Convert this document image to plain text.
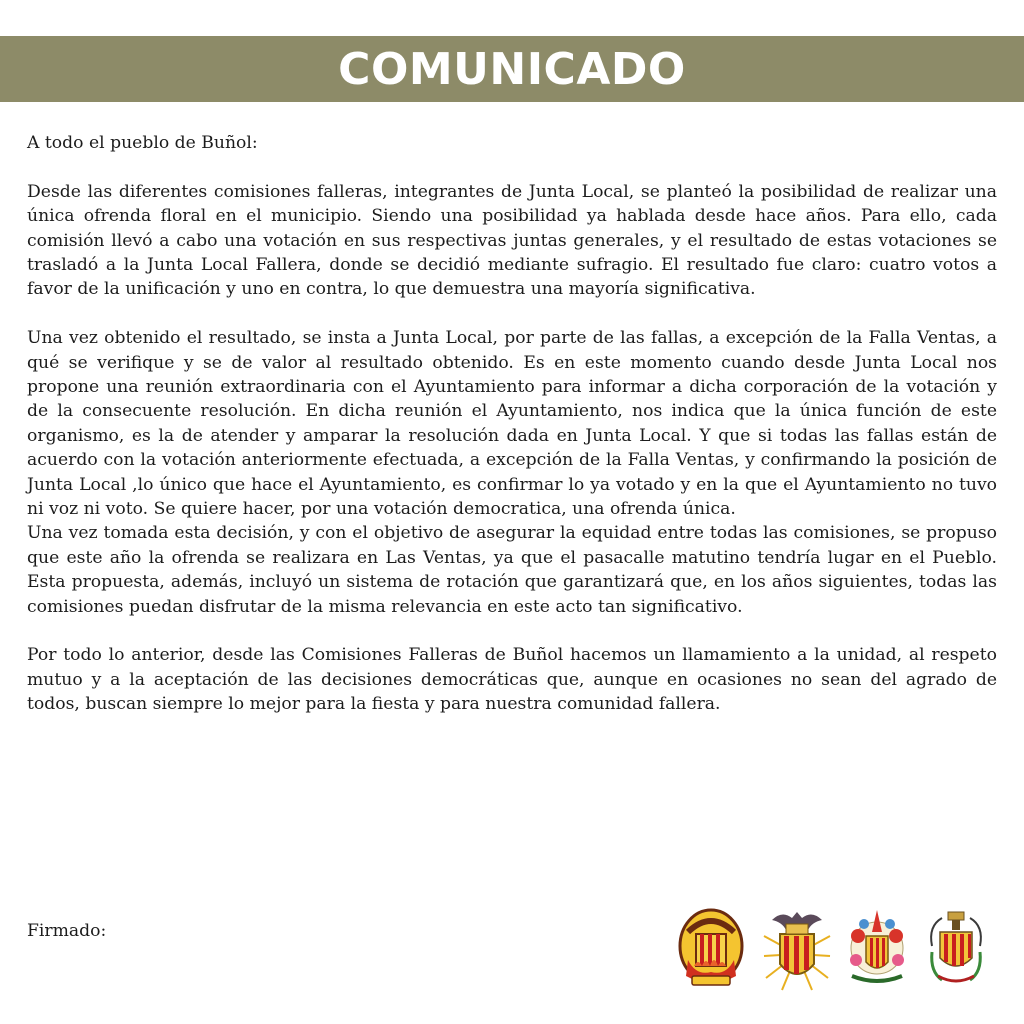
COMUNICADO

A todo el pueblo de Buñol:

Desde las diferentes comisiones falleras, integrantes de Junta Local, se planteó la posibilidad de realizar una única ofrenda floral en el municipio. Siendo una posibilidad ya hablada desde hace años. Para ello, cada comisión llevó a cabo una votación en sus respectivas juntas generales, y el resultado de estas votaciones se trasladó a la Junta Local Fallera, donde se decidió mediante sufragio. El resultado fue claro: cuatro votos a favor de la unificación y uno en contra, lo que demuestra una mayoría significativa.

Una vez obtenido el resultado, se insta a Junta Local, por parte de las fallas, a excepción de la Falla Ventas, a qué se verifique y se de valor al resultado obtenido. Es en este momento cuando desde Junta Local nos propone una reunión extraordinaria con el Ayuntamiento para informar a dicha corporación de la votación y de la consecuente resolución. En dicha reunión el Ayuntamiento, nos indica que la única función de este organismo, es la de atender y amparar la resolución dada en Junta Local. Y que si todas las fallas están de acuerdo con la votación anteriormente efectuada, a excepción de la Falla Ventas, y confirmando la posición de Junta Local ,lo único que hace el Ayuntamiento, es confirmar lo ya votado y en la que el Ayuntamiento no tuvo ni voz ni voto. Se quiere hacer, por una votación democratica, una ofrenda única.

Una vez tomada esta decisión, y con el objetivo de asegurar la equidad entre todas las comisiones, se propuso que este año la ofrenda se realizara en Las Ventas, ya que el pasacalle matutino tendría lugar en el Pueblo. Esta propuesta, además, incluyó un sistema de rotación que garantizará que, en los años siguientes, todas las comisiones puedan disfrutar de la misma relevancia en este acto tan significativo.

Por todo lo anterior, desde las Comisiones Falleras de Buñol hacemos un llamamiento a la unidad, al respeto mutuo y a la aceptación de las decisiones democráticas que, aunque en ocasiones no sean del agrado de todos, buscan siempre lo mejor para la fiesta y para nuestra comunidad fallera.

Firmado:
